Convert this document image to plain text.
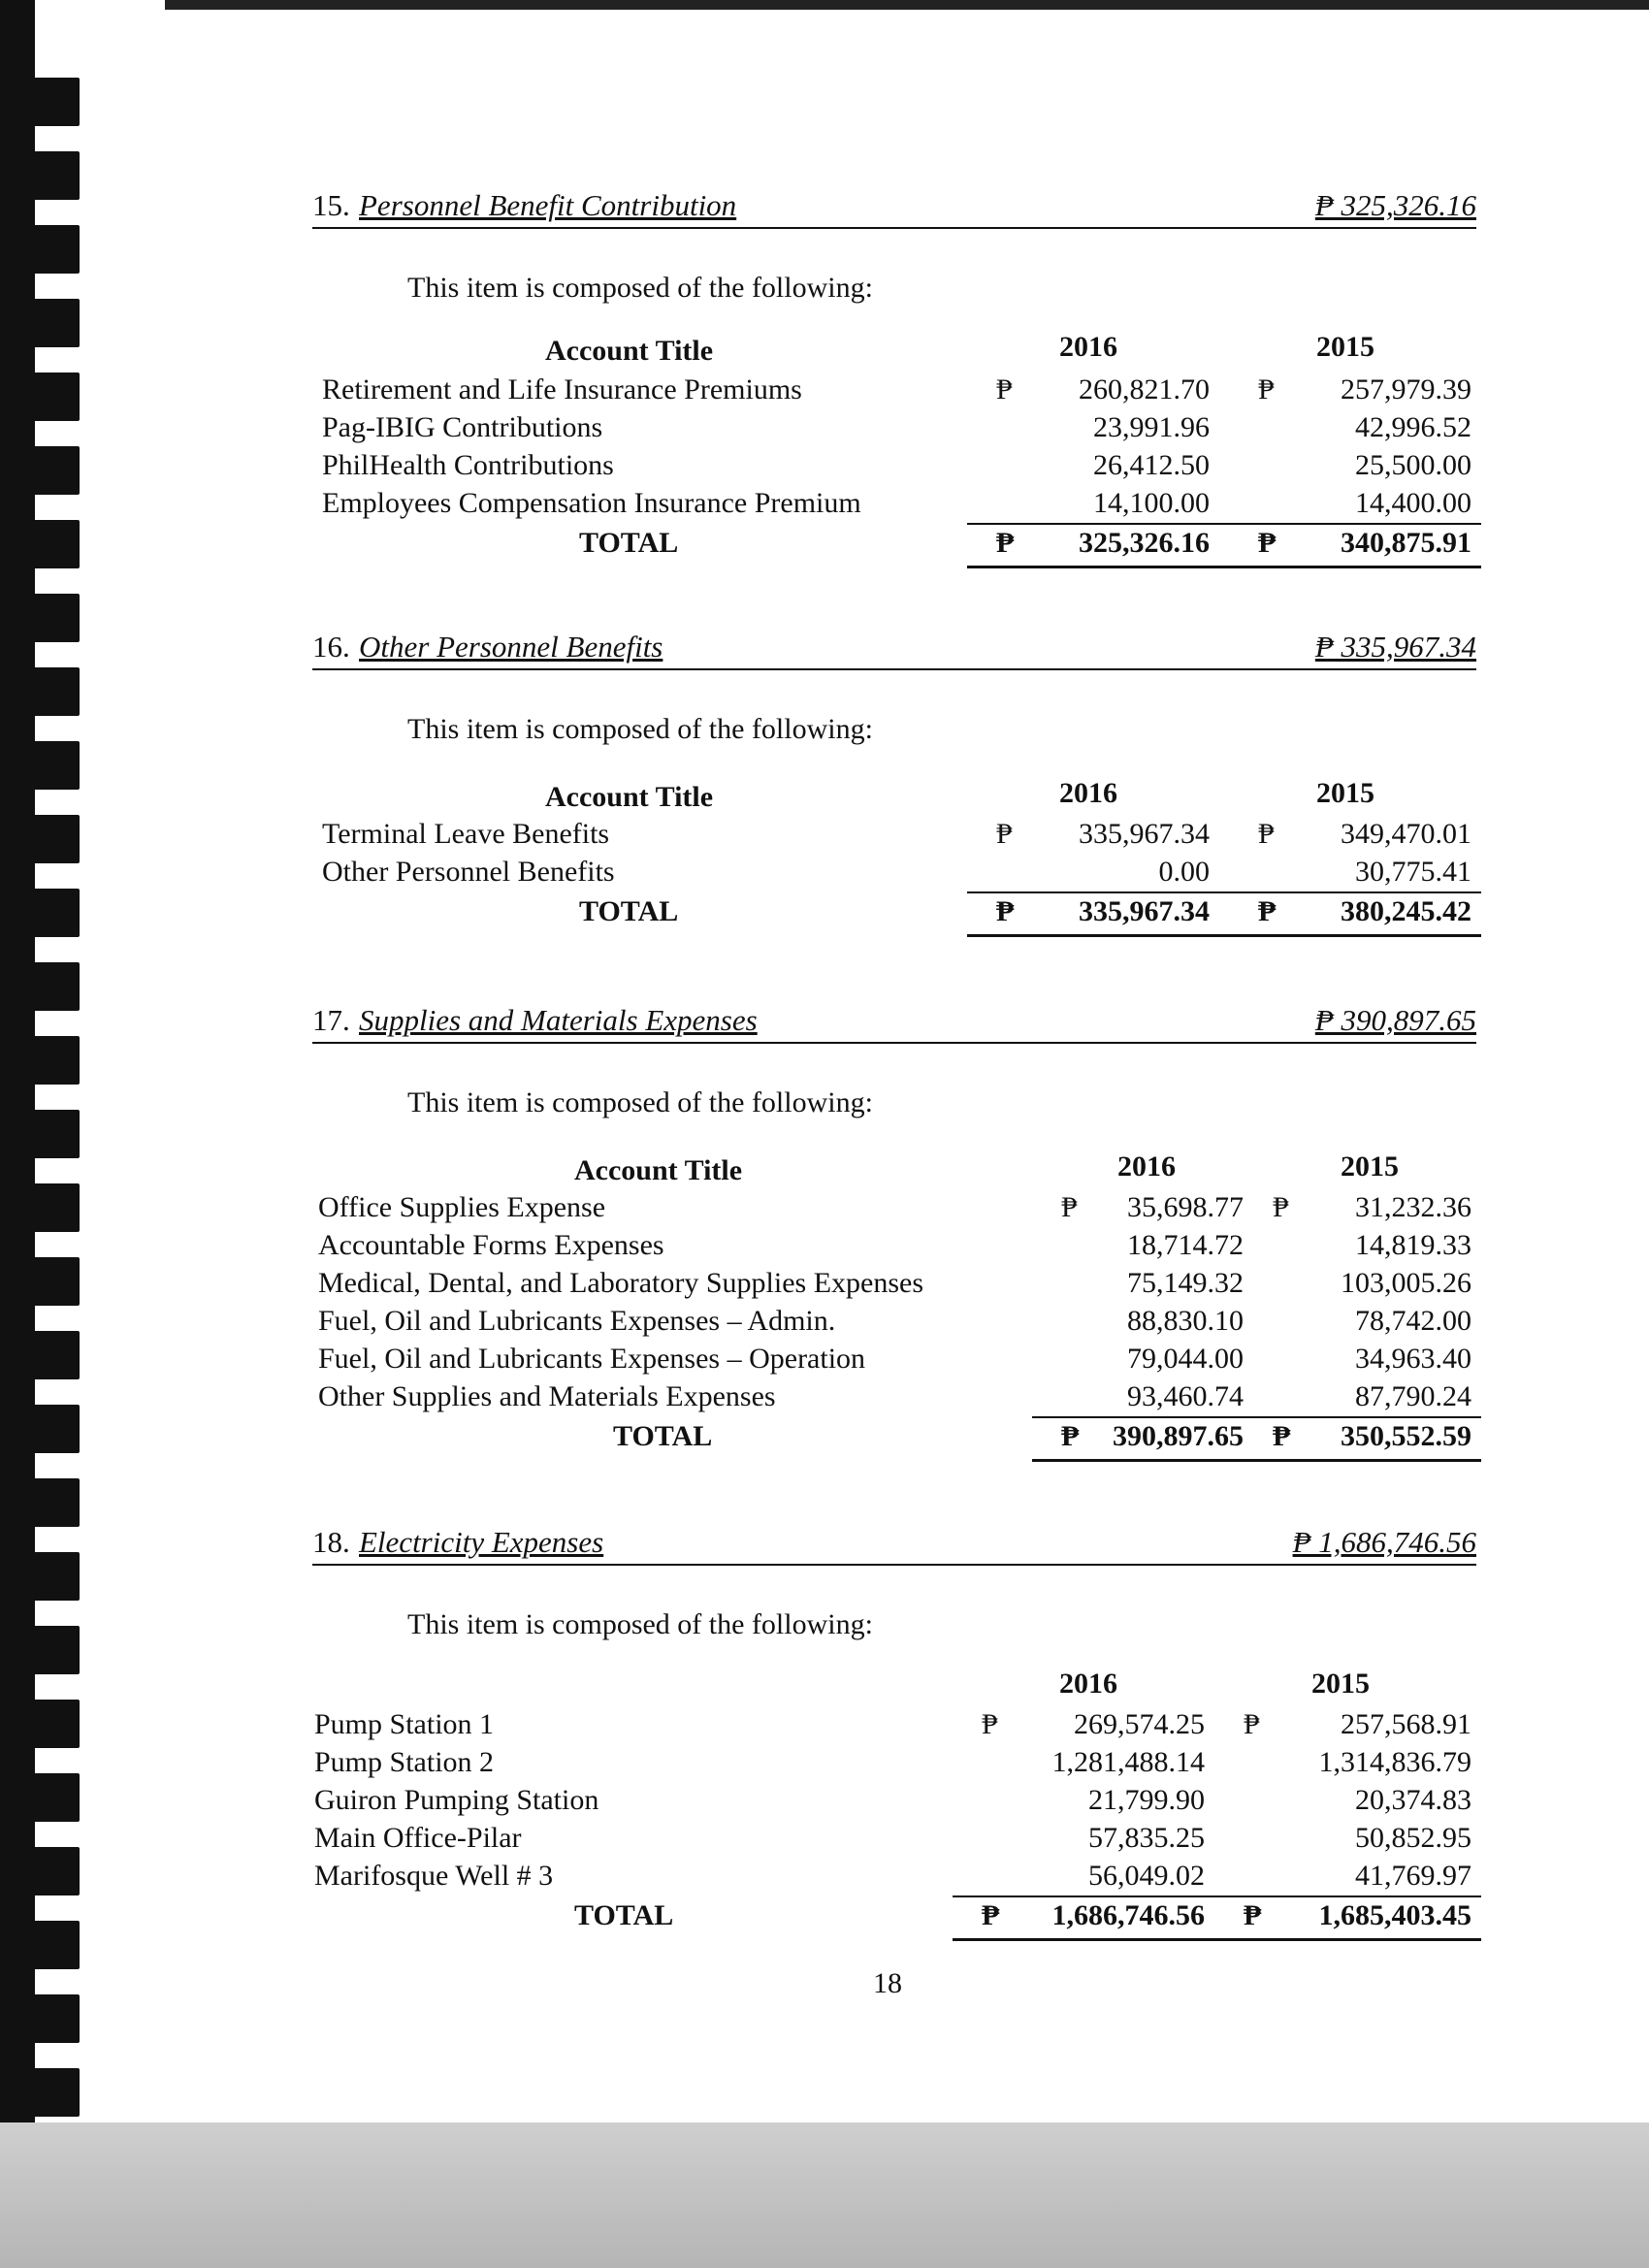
15. Personnel Benefit Contribution	₱ 325,326.16
This item is composed of the following:
Account Title	2016	2015
Retirement and Life Insurance Premiums	₱ 260,821.70 ₱ 257,979.39
Pag-IBIG Contributions	23,991.96	42,996.52
PhilHealth Contributions	26,412.50	25,500.00
Employees Compensation Insurance Premium	14,100.00	14,400.00
TOTAL	₱ 325,326.16 ₱ 340,875.91
16. Other Personnel Benefits	₱ 335,967.34
This item is composed of the following:
Account Title	2016	2015
Terminal Leave Benefits	₱ 335,967.34 ₱ 349,470.01
Other Personnel Benefits	0.00	30,775.41
TOTAL	₱ 335,967.34 ₱ 380,245.42
17. Supplies and Materials Expenses	₱ 390,897.65
This item is composed of the following:
Account Title	2016	2015
Office Supplies Expense	₱ 35,698.77 ₱ 31,232.36
Accountable Forms Expenses	18,714.72	14,819.33
Medical, Dental, and Laboratory Supplies Expenses	75,149.32	103,005.26
Fuel, Oil and Lubricants Expenses – Admin.	88,830.10	78,742.00
Fuel, Oil and Lubricants Expenses – Operation	79,044.00	34,963.40
Other Supplies and Materials Expenses	93,460.74	87,790.24
TOTAL	₱ 390,897.65 ₱ 350,552.59
18. Electricity Expenses	₱ 1,686,746.56
This item is composed of the following:
2016	2015
Pump Station 1	₱	269,574.25 ₱	257,568.91
Pump Station 2	1,281,488.14	1,314,836.79
Guiron Pumping Station	21,799.90	20,374.83
Main Office-Pilar	57,835.25	50,852.95
Marifosque Well # 3	56,049.02	41,769.97
TOTAL	₱ 1,686,746.56 ₱ 1,685,403.45
18
